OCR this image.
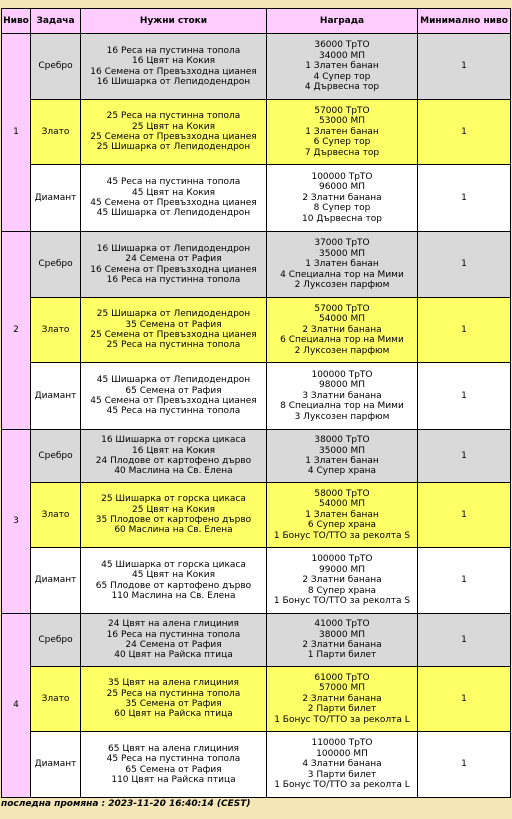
Ниво	Задача	Нужни стоки	Награда	Минимално ниво
1	Сребро	16 Реса на пустинна топола
16 Цвят на Кокия
16 Семена от Превъзходна цианея
16 Шишарка от Лепидодендрон	36000 ТрТО
34000 МП
1 Златен банан
4 Супер тор
4 Дървесна тор	1
	Злато	25 Реса на пустинна топола
25 Цвят на Кокия
25 Семена от Превъзходна цианея
25 Шишарка от Лепидодендрон	57000 ТрТО
53000 МП
1 Златен банан
6 Супер тор
7 Дървесна тор	1
	Диамант	45 Реса на пустинна топола
45 Цвят на Кокия
45 Семена от Превъзходна цианея
45 Шишарка от Лепидодендрон	100000 ТрТО
96000 МП
2 Златни банана
8 Супер тор
10 Дървесна тор	1
2	Сребро	16 Шишарка от Лепидодендрон
24 Семена от Рафия
16 Семена от Превъзходна цианея
16 Реса на пустинна топола	37000 ТрТО
35000 МП
1 Златен банан
4 Специална тор на Мими
2 Луксозен парфюм	1
	Злато	25 Шишарка от Лепидодендрон
35 Семена от Рафия
25 Семена от Превъзходна цианея
25 Реса на пустинна топола	57000 ТрТО
54000 МП
2 Златни банана
6 Специална тор на Мими
2 Луксозен парфюм	1
	Диамант	45 Шишарка от Лепидодендрон
65 Семена от Рафия
45 Семена от Превъзходна цианея
45 Реса на пустинна топола	100000 ТрТО
98000 МП
3 Златни банана
8 Специална тор на Мими
3 Луксозен парфюм	1
3	Сребро	16 Шишарка от горска цикаса
16 Цвят на Кокия
24 Плодове от картофено дърво
40 Маслина на Св. Елена	38000 ТрТО
35000 МП
1 Златен банан
4 Супер храна	1
	Злато	25 Шишарка от горска цикаса
25 Цвят на Кокия
35 Плодове от картофено дърво
60 Маслина на Св. Елена	58000 ТрТО
54000 МП
1 Златен банан
6 Супер храна
1 Бонус ТО/ТТО за реколта S	1
	Диамант	45 Шишарка от горска цикаса
45 Цвят на Кокия
65 Плодове от картофено дърво
110 Маслина на Св. Елена	100000 ТрТО
99000 МП
2 Златни банана
8 Супер храна
1 Бонус ТО/ТТО за реколта S	1
4	Сребро	24 Цвят на алена глициния
16 Реса на пустинна топола
24 Семена от Рафия
40 Цвят на Райска птица	41000 ТрТО
38000 МП
2 Златни банана
1 Парти билет	1
	Злато	35 Цвят на алена глициния
25 Реса на пустинна топола
35 Семена от Рафия
60 Цвят на Райска птица	61000 ТрТО
57000 МП
2 Златни банана
2 Парти билет
1 Бонус ТО/ТТО за реколта L	1
	Диамант	65 Цвят на алена глициния
45 Реса на пустинна топола
65 Семена от Рафия
110 Цвят на Райска птица	110000 ТрТО
100000 МП
4 Златни банана
3 Парти билет
1 Бонус ТО/ТТО за реколта L	1
последна промяна : 2023-11-20 16:40:14 (CEST)
